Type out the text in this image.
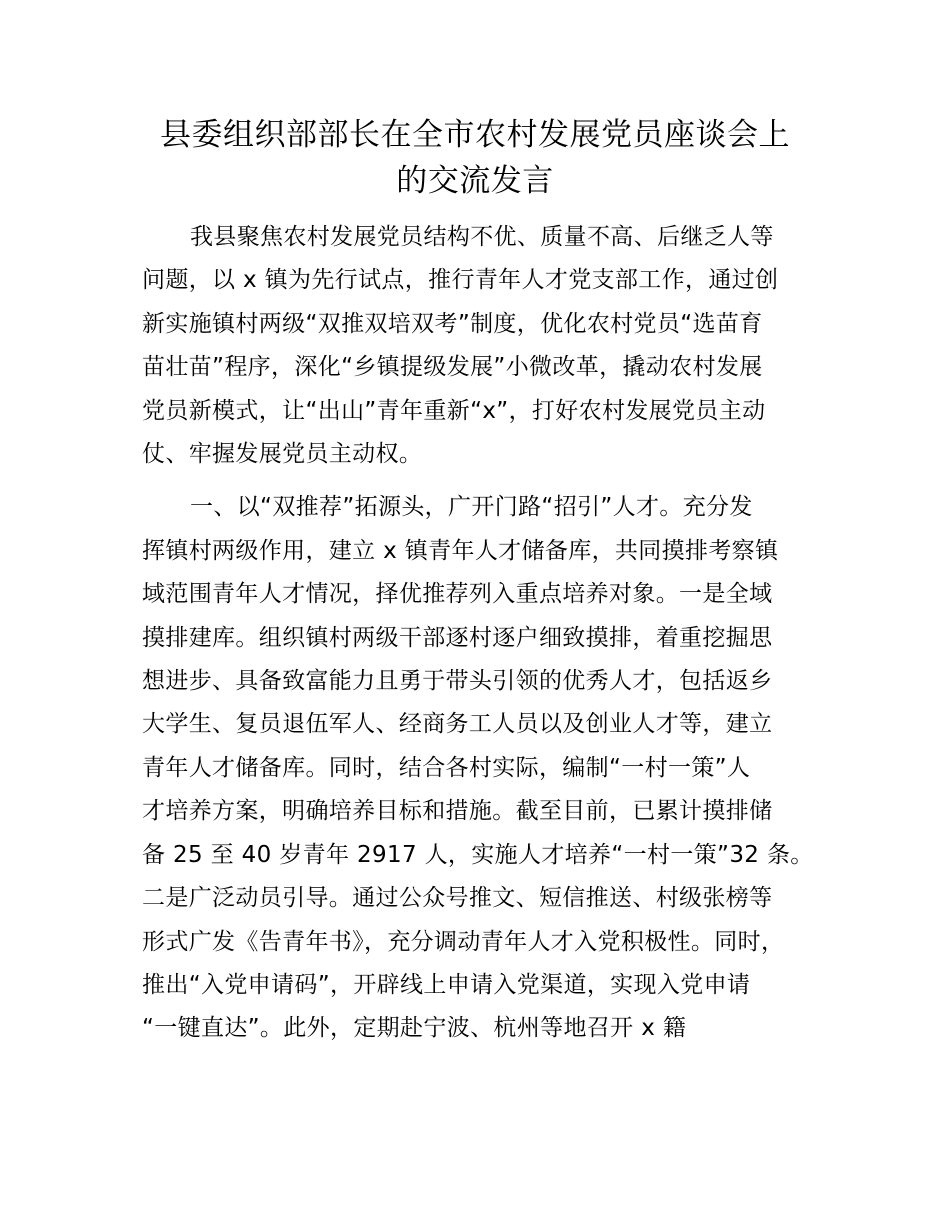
县委组织部部长在全市农村发展党员座谈会上
的交流发言

我县聚焦农村发展党员结构不优、质量不高、后继乏人等
问题，以 x 镇为先行试点，推行青年人才党支部工作，通过创
新实施镇村两级“双推双培双考”制度，优化农村党员“选苗育
苗壮苗”程序，深化“乡镇提级发展”小微改革，撬动农村发展
党员新模式，让“出山”青年重新“x”，打好农村发展党员主动
仗、牢握发展党员主动权。

一、以“双推荐”拓源头，广开门路“招引”人才。充分发
挥镇村两级作用，建立 x 镇青年人才储备库，共同摸排考察镇
域范围青年人才情况，择优推荐列入重点培养对象。一是全域
摸排建库。组织镇村两级干部逐村逐户细致摸排，着重挖掘思
想进步、具备致富能力且勇于带头引领的优秀人才，包括返乡
大学生、复员退伍军人、经商务工人员以及创业人才等，建立
青年人才储备库。同时，结合各村实际，编制“一村一策”人
才培养方案，明确培养目标和措施。截至目前，已累计摸排储
备 25 至 40 岁青年 2917 人，实施人才培养“一村一策”32 条。
二是广泛动员引导。通过公众号推文、短信推送、村级张榜等
形式广发《告青年书》，充分调动青年人才入党积极性。同时，
推出“入党申请码”，开辟线上申请入党渠道，实现入党申请
“一键直达”。此外，定期赴宁波、杭州等地召开 x 籍
